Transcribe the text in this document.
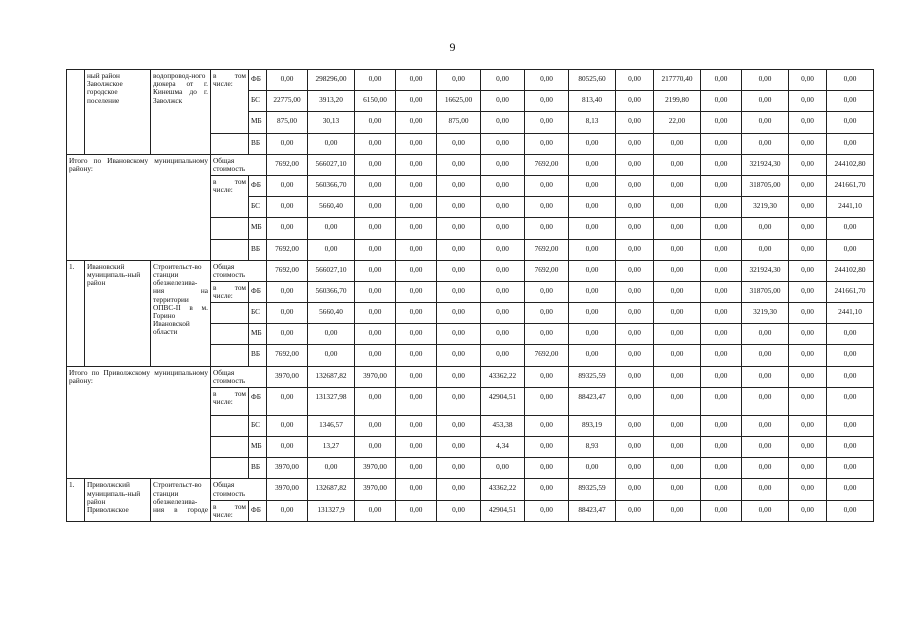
9
	ный район Заволжское городское поселение	водопровод-ного дюкера от г. Кинешма до г. Заволжск	в том числе:	ФБ	0,00	298296,00	0,00	0,00	0,00	0,00	0,00	80525,60	0,00	217770,40	0,00	0,00	0,00	0,00
				БС	22775,00	3913,20	6150,00	0,00	16625,00	0,00	0,00	813,40	0,00	2199,80	0,00	0,00	0,00	0,00
				МБ	875,00	30,13	0,00	0,00	875,00	0,00	0,00	8,13	0,00	22,00	0,00	0,00	0,00	0,00
				ВБ	0,00	0,00	0,00	0,00	0,00	0,00	0,00	0,00	0,00	0,00	0,00	0,00	0,00	0,00
Итого по Ивановскому муниципальному району:			Общая стоимость		7692,00	566027,10	0,00	0,00	0,00	0,00	7692,00	0,00	0,00	0,00	0,00	321924,30	0,00	244102,80
			в том числе:	ФБ	0,00	560366,70	0,00	0,00	0,00	0,00	0,00	0,00	0,00	0,00	0,00	318705,00	0,00	241661,70
				БС	0,00	5660,40	0,00	0,00	0,00	0,00	0,00	0,00	0,00	0,00	0,00	3219,30	0,00	2441,10
				МБ	0,00	0,00	0,00	0,00	0,00	0,00	0,00	0,00	0,00	0,00	0,00	0,00	0,00	0,00
				ВБ	7692,00	0,00	0,00	0,00	0,00	0,00	7692,00	0,00	0,00	0,00	0,00	0,00	0,00	0,00
1.	Ивановский муниципаль-ный район	Строительст-во станции обезжелезива-ния на территории ОПВС-II в м. Горино Ивановской области	Общая стоимость		7692,00	566027,10	0,00	0,00	0,00	0,00	7692,00	0,00	0,00	0,00	0,00	321924,30	0,00	244102,80
			в том числе:	ФБ	0,00	560366,70	0,00	0,00	0,00	0,00	0,00	0,00	0,00	0,00	0,00	318705,00	0,00	241661,70
				БС	0,00	5660,40	0,00	0,00	0,00	0,00	0,00	0,00	0,00	0,00	0,00	3219,30	0,00	2441,10
				МБ	0,00	0,00	0,00	0,00	0,00	0,00	0,00	0,00	0,00	0,00	0,00	0,00	0,00	0,00
				ВБ	7692,00	0,00	0,00	0,00	0,00	0,00	7692,00	0,00	0,00	0,00	0,00	0,00	0,00	0,00
Итого по Приволжскому муниципальному району:			Общая стоимость		3970,00	132687,82	3970,00	0,00	0,00	43362,22	0,00	89325,59	0,00	0,00	0,00	0,00	0,00	0,00
			в том числе:	ФБ	0,00	131327,98	0,00	0,00	0,00	42904,51	0,00	88423,47	0,00	0,00	0,00	0,00	0,00	0,00
				БС	0,00	1346,57	0,00	0,00	0,00	453,38	0,00	893,19	0,00	0,00	0,00	0,00	0,00	0,00
				МБ	0,00	13,27	0,00	0,00	0,00	4,34	0,00	8,93	0,00	0,00	0,00	0,00	0,00	0,00
				ВБ	3970,00	0,00	3970,00	0,00	0,00	0,00	0,00	0,00	0,00	0,00	0,00	0,00	0,00	0,00
1.	Приволжский муниципаль-ный район Приволжское	Строительст-во станции обезжелезива-ния в городе	Общая стоимость		3970,00	132687,82	3970,00	0,00	0,00	43362,22	0,00	89325,59	0,00	0,00	0,00	0,00	0,00	0,00
			в том числе:	ФБ	0,00	131327,9	0,00	0,00	0,00	42904,51	0,00	88423,47	0,00	0,00	0,00	0,00	0,00	0,00
